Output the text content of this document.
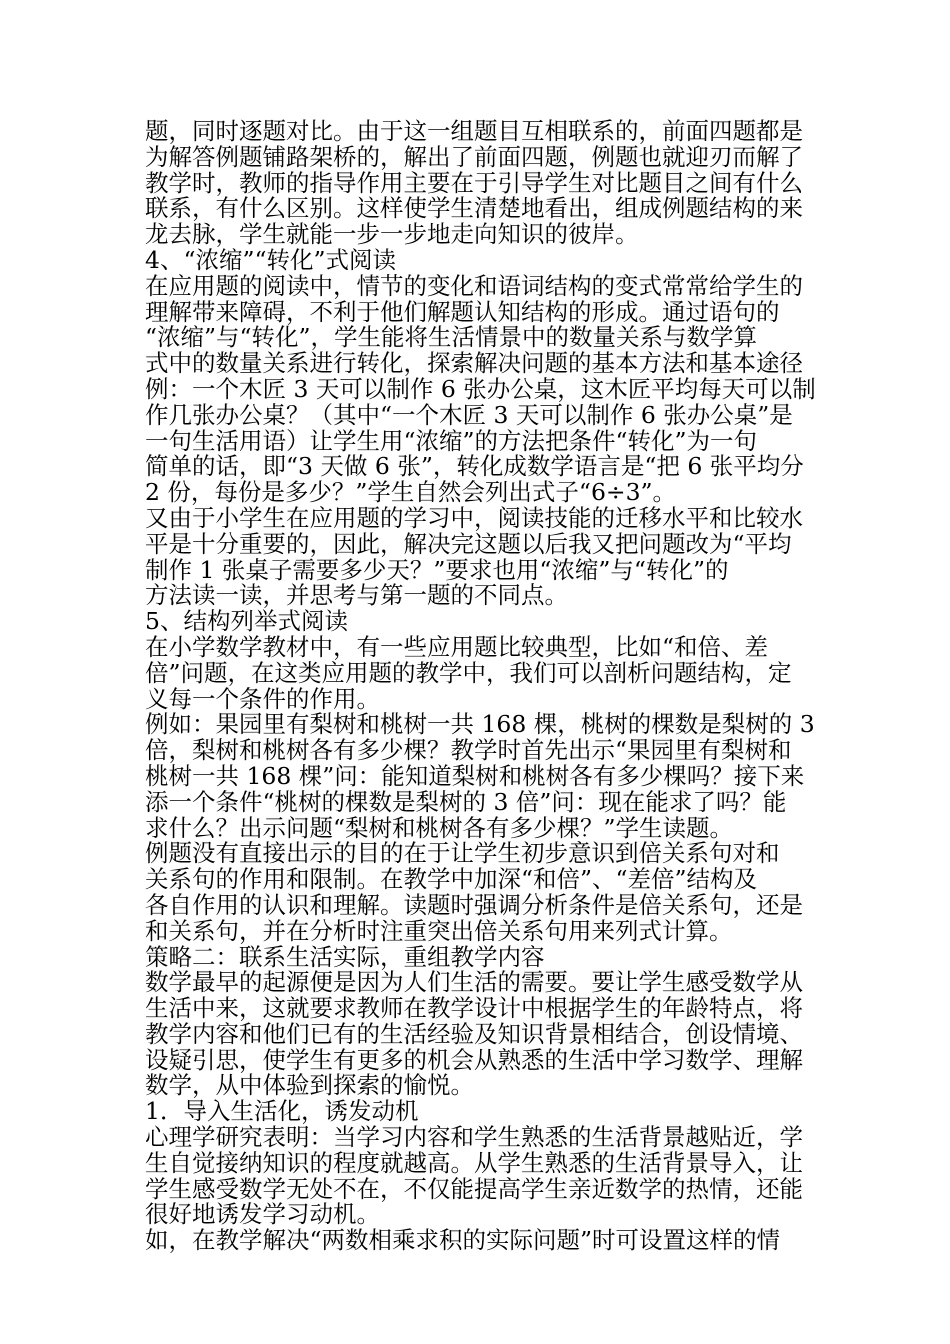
题，同时逐题对比。由于这一组题目互相联系的，前面四题都是
为解答例题铺路架桥的，解出了前面四题，例题也就迎刃而解了
教学时，教师的指导作用主要在于引导学生对比题目之间有什么
联系，有什么区别。这样使学生清楚地看出，组成例题结构的来
龙去脉，学生就能一步一步地走向知识的彼岸。
4、“浓缩”“转化”式阅读
在应用题的阅读中，情节的变化和语词结构的变式常常给学生的
理解带来障碍，不利于他们解题认知结构的形成。通过语句的
“浓缩”与“转化”，学生能将生活情景中的数量关系与数学算
式中的数量关系进行转化，探索解决问题的基本方法和基本途径
例：一个木匠 3 天可以制作 6 张办公桌，这木匠平均每天可以制
作几张办公桌？（其中“一个木匠 3 天可以制作 6 张办公桌”是
一句生活用语）让学生用“浓缩”的方法把条件“转化”为一句
简单的话，即“3 天做 6 张”，转化成数学语言是“把 6 张平均分
2 份，每份是多少？”学生自然会列出式子“6÷3”。
又由于小学生在应用题的学习中，阅读技能的迁移水平和比较水
平是十分重要的，因此，解决完这题以后我又把问题改为“平均
制作 1 张桌子需要多少天？”要求也用“浓缩”与“转化”的
方法读一读，并思考与第一题的不同点。
5、结构列举式阅读
在小学数学教材中，有一些应用题比较典型，比如“和倍、差
倍”问题，在这类应用题的教学中，我们可以剖析问题结构，定
义每一个条件的作用。
例如：果园里有梨树和桃树一共 168 棵，桃树的棵数是梨树的 3
倍，梨树和桃树各有多少棵？教学时首先出示“果园里有梨树和
桃树一共 168 棵”问：能知道梨树和桃树各有多少棵吗？接下来
添一个条件“桃树的棵数是梨树的 3 倍”问：现在能求了吗？能
求什么？出示问题“梨树和桃树各有多少棵？”学生读题。
例题没有直接出示的目的在于让学生初步意识到倍关系句对和
关系句的作用和限制。在教学中加深“和倍”、“差倍”结构及
各自作用的认识和理解。读题时强调分析条件是倍关系句，还是
和关系句，并在分析时注重突出倍关系句用来列式计算。
策略二：联系生活实际，重组教学内容
数学最早的起源便是因为人们生活的需要。要让学生感受数学从
生活中来，这就要求教师在教学设计中根据学生的年龄特点，将
教学内容和他们已有的生活经验及知识背景相结合，创设情境、
设疑引思，使学生有更多的机会从熟悉的生活中学习数学、理解
数学，从中体验到探索的愉悦。
1．导入生活化，诱发动机
心理学研究表明：当学习内容和学生熟悉的生活背景越贴近，学
生自觉接纳知识的程度就越高。从学生熟悉的生活背景导入，让
学生感受数学无处不在，不仅能提高学生亲近数学的热情，还能
很好地诱发学习动机。
如，在教学解决“两数相乘求积的实际问题”时可设置这样的情
